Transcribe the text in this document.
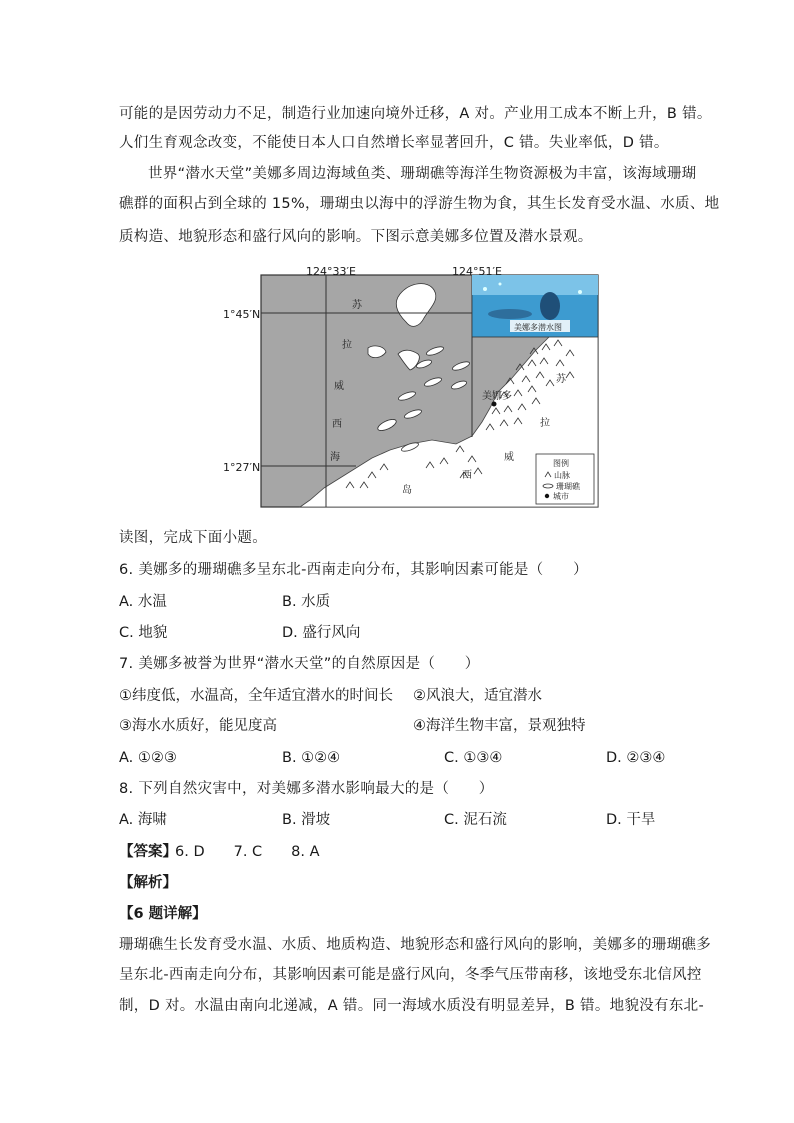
可能的是因劳动力不足，制造行业加速向境外迁移，A 对。产业用工成本不断上升，B 错。
人们生育观念改变，不能使日本人口自然增长率显著回升，C 错。失业率低，D 错。
世界“潜水天堂”美娜多周边海域鱼类、珊瑚礁等海洋生物资源极为丰富，该海域珊瑚
礁群的面积占到全球的 15%，珊瑚虫以海中的浮游生物为食，其生长发育受水温、水质、地
质构造、地貌形态和盛行风向的影响。下图示意美娜多位置及潜水景观。
苏
拉
威
西
海
苏
拉
威
西
岛
美娜多
美娜多潜水图
图例
山脉
珊瑚礁
城市
124°33′E	124°51′E
1°45′N
1°27′N
读图，完成下面小题。
6. 美娜多的珊瑚礁多呈东北-西南走向分布，其影响因素可能是（　　）
A. 水温	B. 水质
C. 地貌	D. 盛行风向
7. 美娜多被誉为世界“潜水天堂”的自然原因是（　　）
①纬度低，水温高，全年适宜潜水的时间长 ②风浪大，适宜潜水
③海水水质好，能见度高	④海洋生物丰富，景观独特
A. ①②③	B. ①②④	C. ①③④	D. ②③④
8. 下列自然灾害中，对美娜多潜水影响最大的是（　　）
A. 海啸	B. 滑坡	C. 泥石流	D. 干旱
【答案】
6. D　　7. C　　8. A
【解析】
【6 题详解】
珊瑚礁生长发育受水温、水质、地质构造、地貌形态和盛行风向的影响，美娜多的珊瑚礁多
呈东北-西南走向分布，其影响因素可能是盛行风向，冬季气压带南移，该地受东北信风控
制，D 对。水温由南向北递减，A 错。同一海域水质没有明显差异，B 错。地貌没有东北-
